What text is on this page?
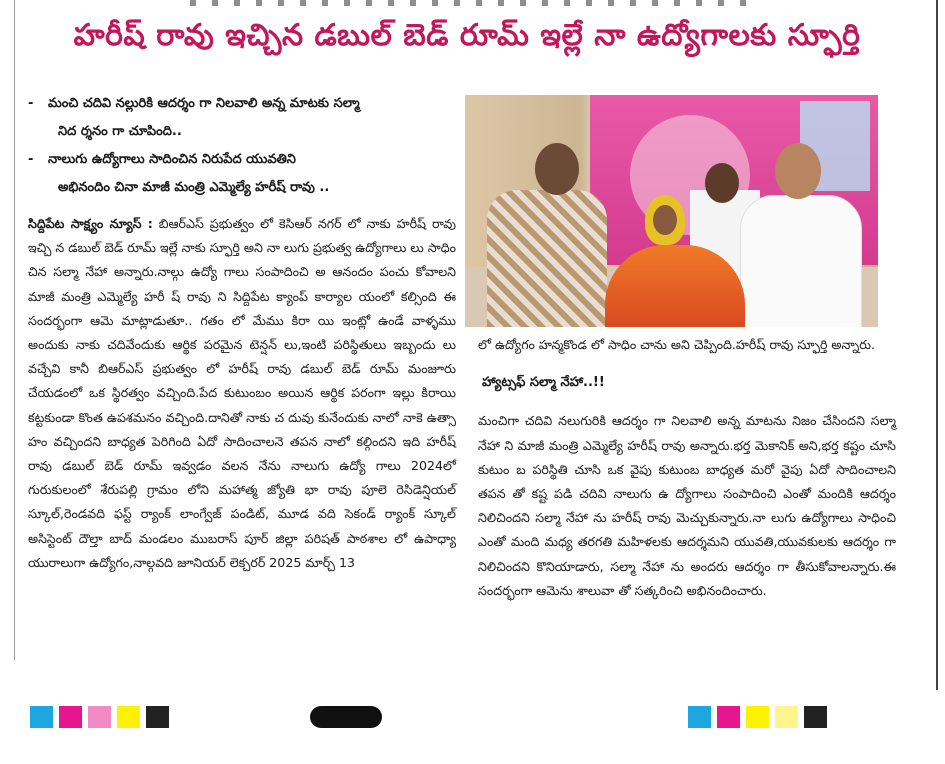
హరీష్ రావు ఇచ్చిన డబుల్ బెడ్ రూమ్ ఇల్లే నా ఉద్యోగాలకు స్ఫూర్తి

- మంచి చదివి నల్లురికి ఆదర్శం గా నిలవాలి అన్న మాటకు సల్మా
నిద ర్శనం గా చూపింది..

- నాలుగు ఉద్యోగాలు సాదించిన నిరుపేద యువతిని
అభినందిం చినా మాజీ మంత్రి ఎమ్మెల్యే హరీష్ రావు ..

సిద్దిపేట సాక్ష్యం న్యూస్ : బిఆర్ఎస్ ప్రభుత్వం లో కెసిఆర్ నగర్ లో నాకు హరీష్ రావు ఇచ్చి న డబుల్ బెడ్ రూమ్ ఇల్లే నాకు స్ఫూర్తి అని నా లుగు ప్రభుత్వ ఉద్యోగాలు లు సాధిం చిన సల్మా నేహా అన్నారు.నాల్గు ఉద్యో గాలు సంపాదించి అ ఆనందం పంచు కోవాలని మాజీ మంత్రి ఎమ్మెల్యే హరీ ష్ రావు ని సిద్దిపేట క్యాంప్ కార్యాల యంలో కల్సింది ఈ సందర్భంగా ఆమె మాట్లాడుతూ.. గతం లో మేము కిరా యి ఇంట్లో ఉండే వాళ్ళము అందుకు నాకు చదివేందుకు ఆర్థిక పరమైన టెన్షన్ లు,ఇంటి పరిస్థితులు ఇబ్బందు లు వచ్చేవి కానీ బిఆర్ఎస్ ప్రభుత్వం లో హరీష్ రావు డబుల్ బెడ్ రూమ్ మంజూరు చేయడంలో ఒక స్థిరత్వం వచ్చింది.పేద కుటుంబం అయిన ఆర్థిక పరంగా ఇల్లు కిరాయి కట్టకుండా కొంత ఉపశమనం వచ్చింది.దానితో నాకు చ దువు కునేందుకు నాలో నాకె ఉత్సా హం వచ్చిందని బాధ్యత పెరిగింది ఏదో సాదించాలనె తపన నాలో కల్గిందని ఇది హరీష్ రావు డబుల్ బెడ్ రూమ్ ఇవ్వడం వలన నేను నాలుగు ఉద్యో గాలు 2024లో గురుకులంలో శేరుపల్లి గ్రామం లోని మహాత్మ జ్యోతి భా రావు పూలె రెసిడెన్షియల్ స్కూల్,రెండవది ఫస్ట్ ర్యాంక్ లాంగ్వేజ్ పండిట్, మూడ వది సెకండ్ ర్యాంక్ స్కూల్ అసిస్టెంట్ దౌల్తా బాద్ మండలం ముబరాస్ పూర్ జిల్లా పరిషత్ పాఠశాల లో ఉపాధ్యా యురాలుగా ఉద్యోగం,నాల్గవది జూనియర్ లెక్చరర్ 2025 మార్చ్ 13

లో ఉద్యోగం హన్మకొండ లో సాధిం చాను అని చెప్పింది.హరీష్ రావు స్ఫూర్తి అన్నారు.

హ్యాట్సఫ్ సల్మా నేహా..!!

మంచిగా చదివి నలుగురికి ఆదర్శం గా నిలవాలి అన్న మాటను నిజం చేసిందని సల్మా నేహా ని మాజీ మంత్రి ఎమ్మెల్యే హరీష్ రావు అన్నారు.భర్త మెకానిక్ అని,భర్త కష్టం చూసి కుటుం బ పరిస్థితి చూసి ఒక వైపు కుటుంబ బాధ్యత మరో వైపు ఏదో సాదించాలని తపన తో కష్ట పడి చదివి నాలుగు ఉ ద్యోగాలు సంపాదించి ఎంతో మందికి ఆదర్శం నిలిచిందని సల్మా నేహా ను హరీష్ రావు మెచ్చుకున్నారు.నా లుగు ఉద్యోగాలు సాధించి ఎంతో మంది మధ్య తరగతి మహిళలకు ఆదర్శమని యువతి,యువకులకు ఆదర్శం గా నిలిచిందని కొనియాడారు, సల్మా నేహా ను అందరు ఆదర్శం గా తీసుకోవాలన్నారు.ఈ సందర్భంగా ఆమెను శాలువా తో సత్కరించి అభినందించారు.
